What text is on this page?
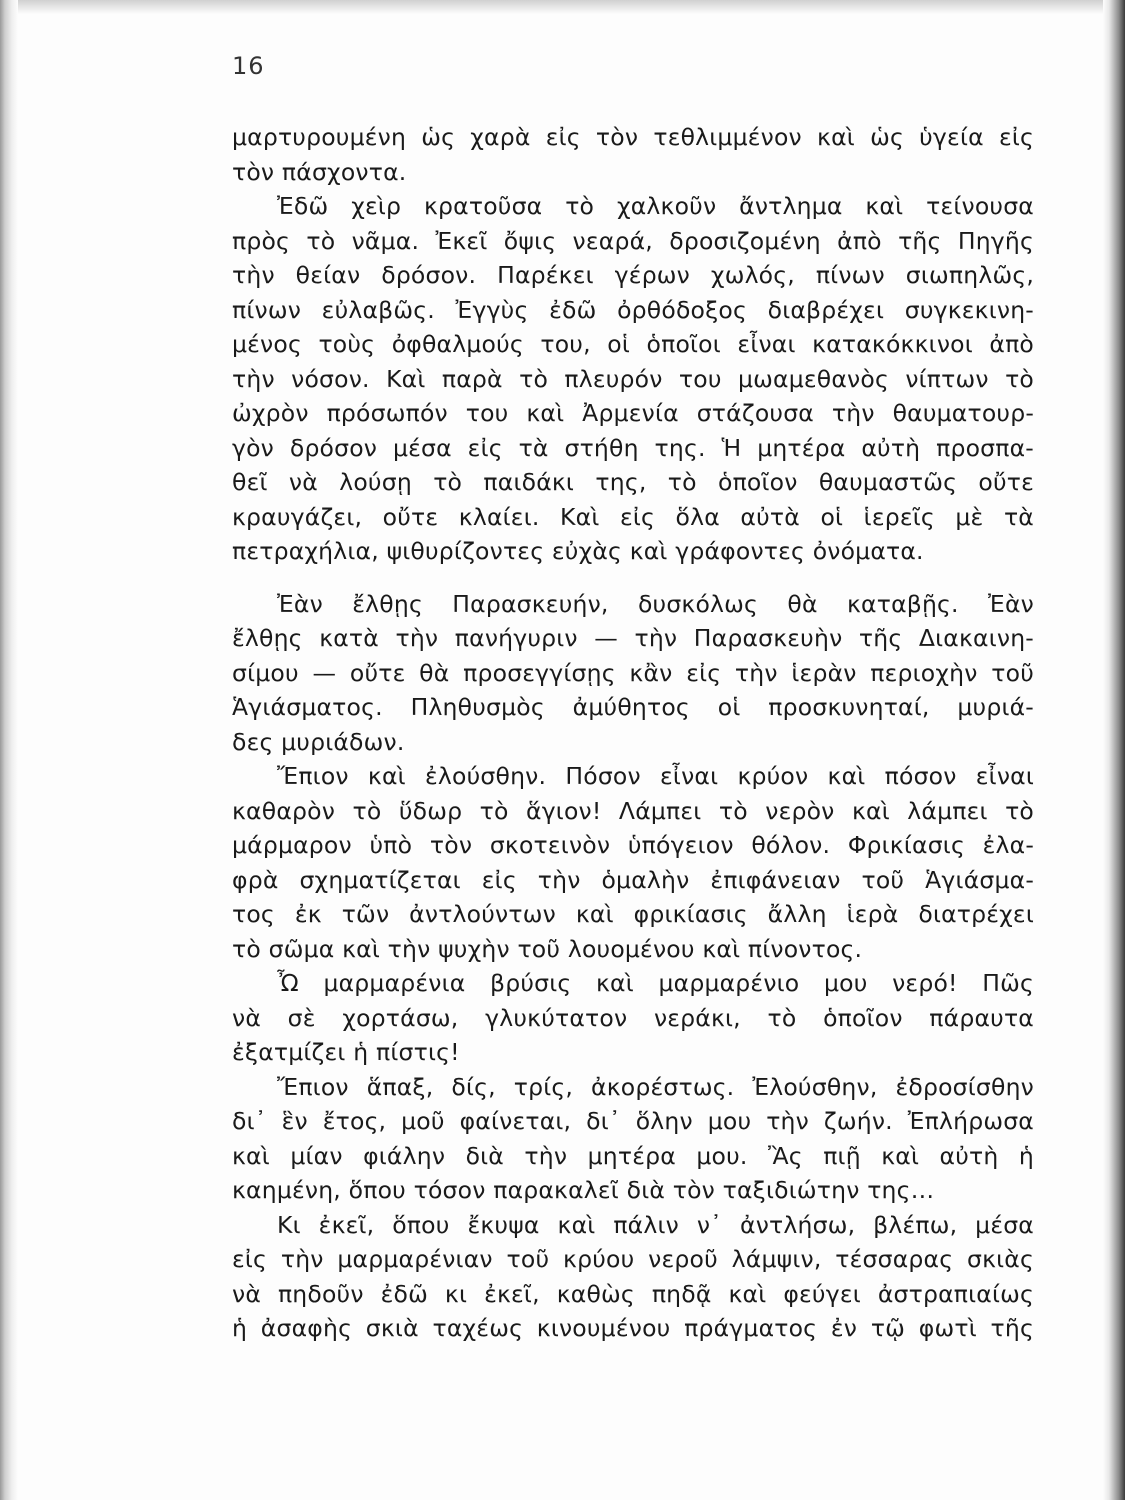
16
μαρτυρουμένη ὡς χαρὰ εἰς τὸν τεθλιμμένον καὶ ὡς ὑγεία εἰς
τὸν πάσχοντα.
Ἐδῶ χεὶρ κρατοῦσα τὸ χαλκοῦν ἄντλημα καὶ τείνουσα
πρὸς τὸ νᾶμα. Ἐκεῖ ὄψις νεαρά, δροσιζομένη ἀπὸ τῆς Πηγῆς
τὴν θείαν δρόσον. Παρέκει γέρων χωλός, πίνων σιωπηλῶς,
πίνων εὐλαβῶς. Ἐγγὺς ἐδῶ ὀρθόδοξος διαβρέχει συγκεκινη-
μένος τοὺς ὀφθαλμούς του, οἱ ὁποῖοι εἶναι κατακόκκινοι ἀπὸ
τὴν νόσον. Καὶ παρὰ τὸ πλευρόν του μωαμεθανὸς νίπτων τὸ
ὠχρὸν πρόσωπόν του καὶ Ἀρμενία στάζουσα τὴν θαυματουρ-
γὸν δρόσον μέσα εἰς τὰ στήθη της. Ἡ μητέρα αὐτὴ προσπα-
θεῖ νὰ λούσῃ τὸ παιδάκι της, τὸ ὁποῖον θαυμαστῶς οὔτε
κραυγάζει, οὔτε κλαίει. Καὶ εἰς ὅλα αὐτὰ οἱ ἱερεῖς μὲ τὰ
πετραχήλια, ψιθυρίζοντες εὐχὰς καὶ γράφοντες ὀνόματα.
Ἐὰν ἔλθῃς Παρασκευήν, δυσκόλως θὰ καταβῇς. Ἐὰν
ἔλθῃς κατὰ τὴν πανήγυριν — τὴν Παρασκευὴν τῆς Διακαινη-
σίμου — οὔτε θὰ προσεγγίσῃς κἂν εἰς τὴν ἱερὰν περιοχὴν τοῦ
Ἁγιάσματος. Πληθυσμὸς ἀμύθητος οἱ προσκυνηταί, μυριά-
δες μυριάδων.
Ἔπιον καὶ ἐλούσθην. Πόσον εἶναι κρύον καὶ πόσον εἶναι
καθαρὸν τὸ ὕδωρ τὸ ἅγιον! Λάμπει τὸ νερὸν καὶ λάμπει τὸ
μάρμαρον ὑπὸ τὸν σκοτεινὸν ὑπόγειον θόλον. Φρικίασις ἐλα-
φρὰ σχηματίζεται εἰς τὴν ὁμαλὴν ἐπιφάνειαν τοῦ Ἁγιάσμα-
τος ἐκ τῶν ἀντλούντων καὶ φρικίασις ἄλλη ἱερὰ διατρέχει
τὸ σῶμα καὶ τὴν ψυχὴν τοῦ λουομένου καὶ πίνοντος.
Ὦ μαρμαρένια βρύσις καὶ μαρμαρένιο μου νερό! Πῶς
νὰ σὲ χορτάσω, γλυκύτατον νεράκι, τὸ ὁποῖον πάραυτα
ἐξατμίζει ἡ πίστις!
Ἔπιον ἅπαξ, δίς, τρίς, ἀκορέστως. Ἐλούσθην, ἐδροσίσθην
δι᾽ ἓν ἔτος, μοῦ φαίνεται, δι᾽ ὅλην μου τὴν ζωήν. Ἐπλήρωσα
καὶ μίαν φιάλην διὰ τὴν μητέρα μου. Ἂς πιῇ καὶ αὐτὴ ἡ
καημένη, ὅπου τόσον παρακαλεῖ διὰ τὸν ταξιδιώτην της…
Κι ἐκεῖ, ὅπου ἔκυψα καὶ πάλιν ν᾽ ἀντλήσω, βλέπω, μέσα
εἰς τὴν μαρμαρένιαν τοῦ κρύου νεροῦ λάμψιν, τέσσαρας σκιὰς
νὰ πηδοῦν ἐδῶ κι ἐκεῖ, καθὼς πηδᾷ καὶ φεύγει ἀστραπιαίως
ἡ ἀσαφὴς σκιὰ ταχέως κινουμένου πράγματος ἐν τῷ φωτὶ τῆς
